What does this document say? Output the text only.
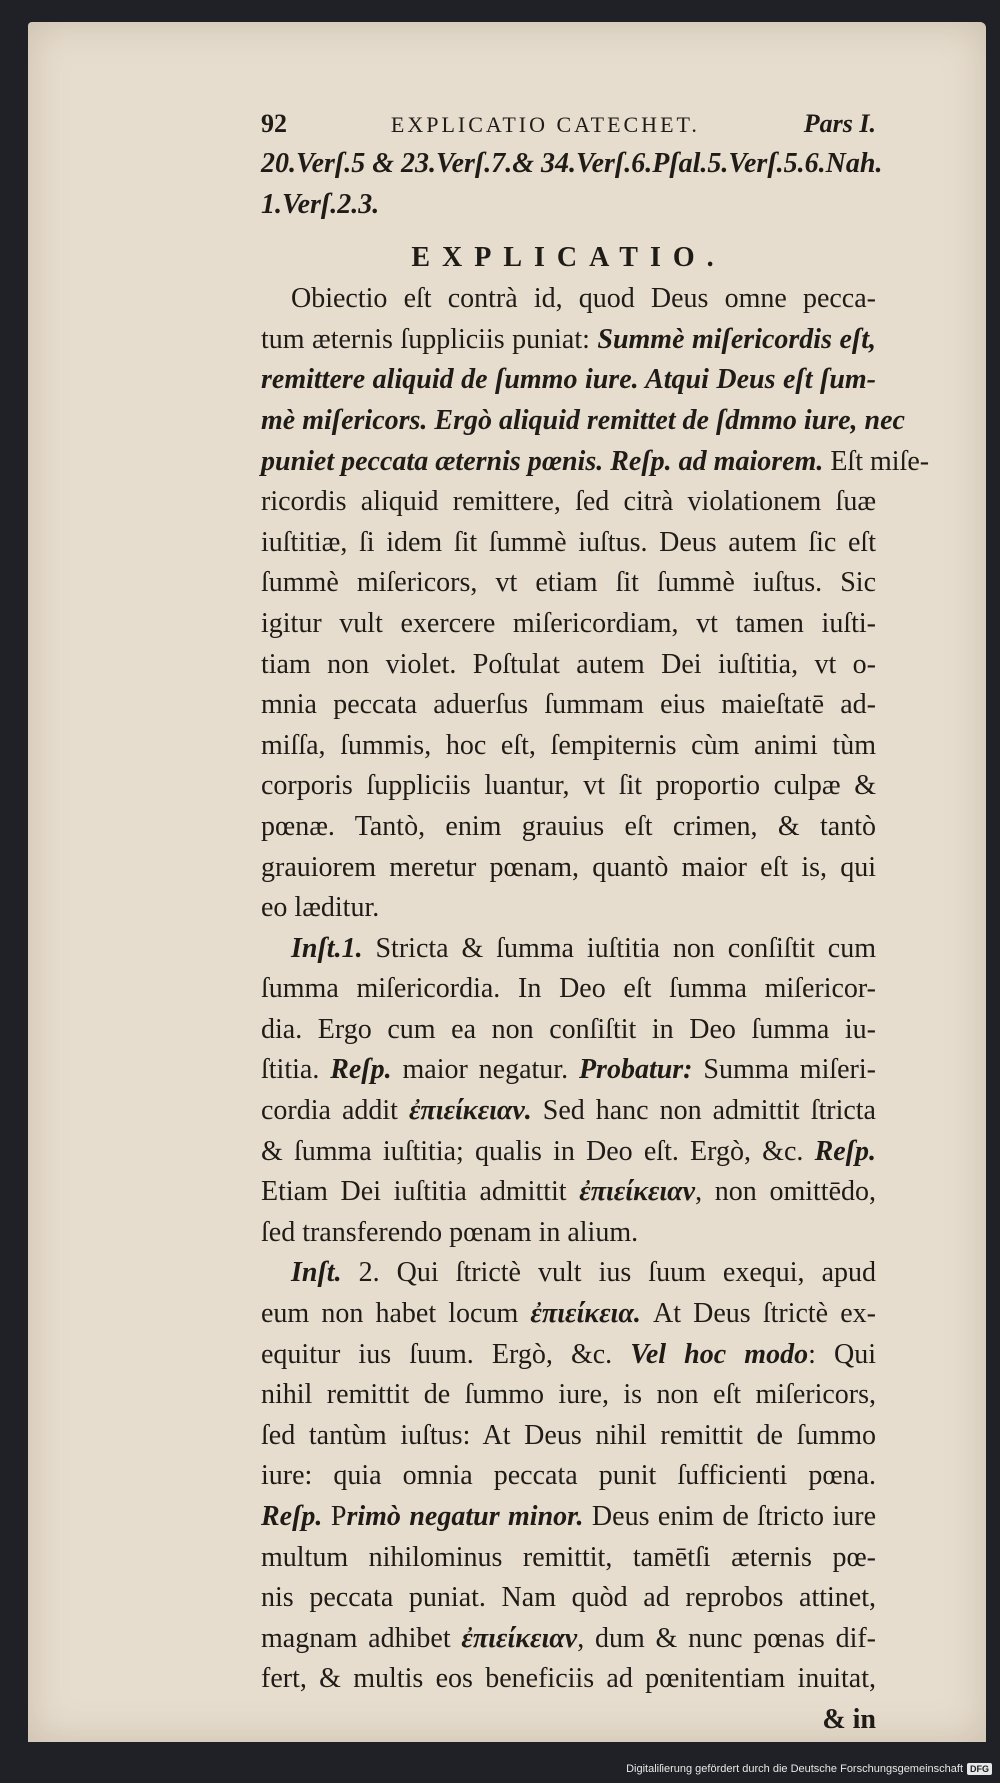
92	EXPLICATIO CATECHET.	Pars I.
20.Verſ.5 & 23.Verſ.7.& 34.Verſ.6.Pſal.5.Verſ.5.6.Nah.
1.Verſ.2.3.
EXPLICATIO.
Obiectio eſt contrà id, quod Deus omne pecca-
tum æternis ſuppliciis puniat: Summè miſericordis eſt,
remittere aliquid de ſummo iure. Atqui Deus eſt ſum-
mè miſericors. Ergò aliquid remittet de ſdmmo iure, nec
puniet peccata æternis pœnis. Reſp. ad maiorem. Eſt miſe-
ricordis aliquid remittere, ſed citrà violationem ſuæ
iuſtitiæ, ſi idem ſit ſummè iuſtus. Deus autem ſic eſt
ſummè miſericors, vt etiam ſit ſummè iuſtus. Sic
igitur vult exercere miſericordiam, vt tamen iuſti-
tiam non violet. Poſtulat autem Dei iuſtitia, vt o-
mnia peccata aduerſus ſummam eius maieſtatē ad-
miſſa, ſummis, hoc eſt, ſempiternis cùm animi tùm
corporis ſuppliciis luantur, vt ſit proportio culpæ &
pœnæ. Tantò, enim grauius eſt crimen, & tantò
grauiorem meretur pœnam, quantò maior eſt is, qui
eo læditur.
Inſt.1. Stricta & ſumma iuſtitia non conſiſtit cum
ſumma miſericordia. In Deo eſt ſumma miſericor-
dia. Ergo cum ea non conſiſtit in Deo ſumma iu-
ſtitia. Reſp. maior negatur. Probatur: Summa miſeri-
cordia addit ἐπιείκειαν. Sed hanc non admittit ſtricta
& ſumma iuſtitia; qualis in Deo eſt. Ergò, &c. Reſp.
Etiam Dei iuſtitia admittit ἐπιείκειαν, non omittēdo,
ſed transferendo pœnam in alium.
Inſt. 2. Qui ſtrictè vult ius ſuum exequi, apud
eum non habet locum ἐπιείκεια. At Deus ſtrictè ex-
equitur ius ſuum. Ergò, &c. Vel hoc modo: Qui
nihil remittit de ſummo iure, is non eſt miſericors,
ſed tantùm iuſtus: At Deus nihil remittit de ſummo
iure: quia omnia peccata punit ſufficienti pœna.
Reſp. Primò negatur minor. Deus enim de ſtricto iure
multum nihilominus remittit, tamētſi æternis pœ-
nis peccata puniat. Nam quòd ad reprobos attinet,
magnam adhibet ἐπιείκειαν, dum & nunc pœnas dif-
fert, & multis eos beneficiis ad pœnitentiam inuitat,
& in
Digitaliſierung gefördert durch die Deutsche Forschungsgemeinschaft DFG
